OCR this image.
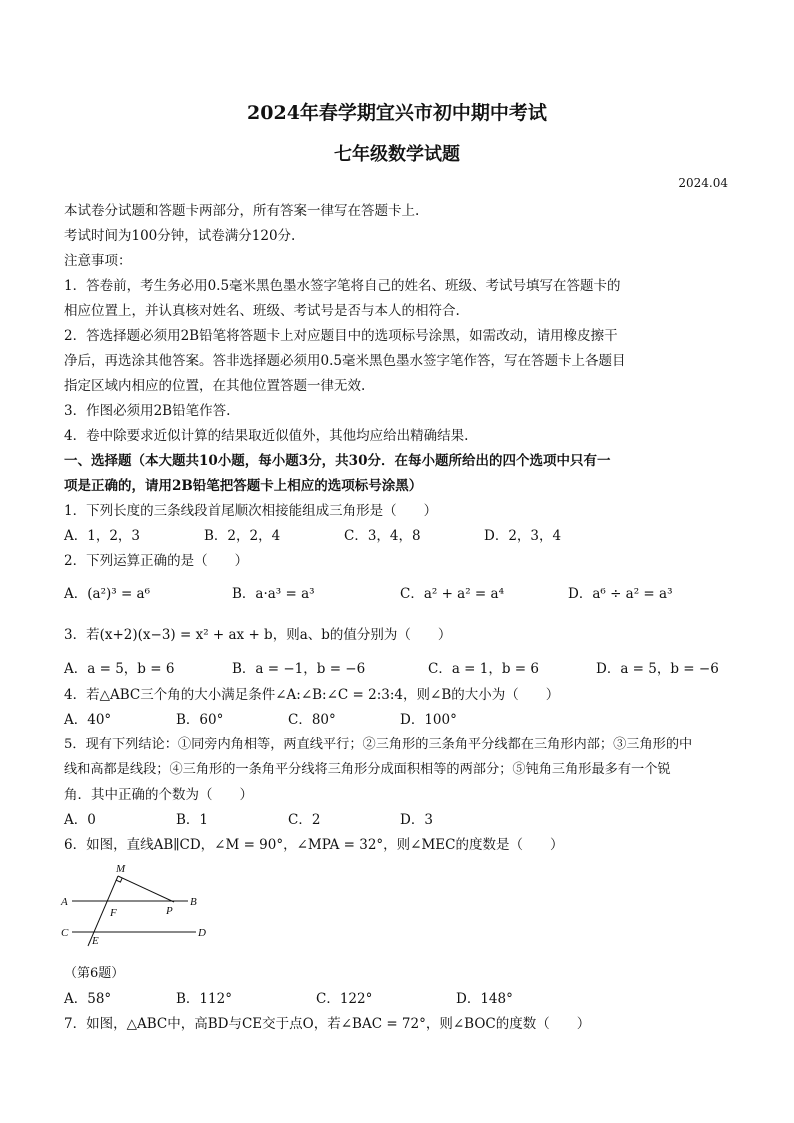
2024年春学期宜兴市初中期中考试
七年级数学试题
2024.04
本试卷分试题和答题卡两部分，所有答案一律写在答题卡上.
考试时间为100分钟，试卷满分120分.
注意事项：
1．答卷前，考生务必用0.5毫米黑色墨水签字笔将自己的姓名、班级、考试号填写在答题卡的
相应位置上，并认真核对姓名、班级、考试号是否与本人的相符合.
2．答选择题必须用2B铅笔将答题卡上对应题目中的选项标号涂黑，如需改动，请用橡皮擦干
净后，再选涂其他答案。答非选择题必须用0.5毫米黑色墨水签字笔作答，写在答题卡上各题目
指定区域内相应的位置，在其他位置答题一律无效.
3．作图必须用2B铅笔作答.
4．卷中除要求近似计算的结果取近似值外，其他均应给出精确结果.
一、选择题（本大题共10小题，每小题3分，共30分．在每小题所给出的四个选项中只有一
项是正确的，请用2B铅笔把答题卡上相应的选项标号涂黑）
1．下列长度的三条线段首尾顺次相接能组成三角形是（　　）
A．1，2，3	B．2，2，4	C．3，4，8	D．2，3，4
2．下列运算正确的是（　　）
A．(a²)³ = a⁶	B．a·a³ = a³	C．a² + a² = a⁴	D．a⁶ ÷ a² = a³
3．若(x+2)(x−3) = x² + ax + b，则a、b的值分别为（　　）
A．a = 5，b = 6	B．a = −1，b = −6	C．a = 1，b = 6	D．a = 5，b = −6
4．若△ABC三个角的大小满足条件∠A:∠B:∠C = 2:3:4，则∠B的大小为（　　）
A．40°	B．60°	C．80°	D．100°
5．现有下列结论：①同旁内角相等，两直线平行；②三角形的三条角平分线都在三角形内部；③三角形的中
线和高都是线段；④三角形的一条角平分线将三角形分成面积相等的两部分；⑤钝角三角形最多有一个锐
角．其中正确的个数为（　　）
A．0	B．1	C．2	D．3
6．如图，直线AB∥CD，∠M = 90°，∠MPA = 32°，则∠MEC的度数是（　　）
M
A
F	P
B
C
E
D
（第6题）
A．58°	B．112°	C．122°	D．148°
7．如图，△ABC中，高BD与CE交于点O，若∠BAC = 72°，则∠BOC的度数（　　）
